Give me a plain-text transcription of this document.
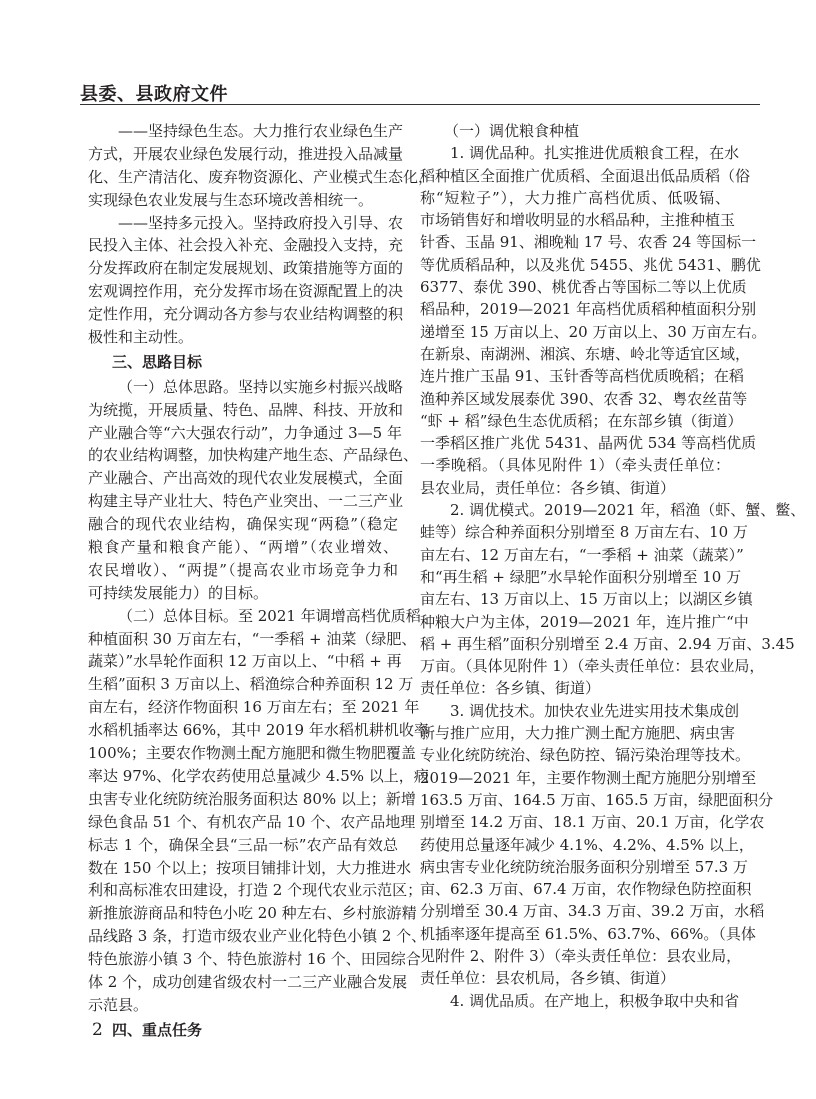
县委、县政府文件
——坚持绿色生态。大力推行农业绿色生产
方式，开展农业绿色发展行动，推进投入品减量
化、生产清洁化、废弃物资源化、产业模式生态化，
实现绿色农业发展与生态环境改善相统一。
——坚持多元投入。坚持政府投入引导、农
民投入主体、社会投入补充、金融投入支持，充
分发挥政府在制定发展规划、政策措施等方面的
宏观调控作用，充分发挥市场在资源配置上的决
定性作用，充分调动各方参与农业结构调整的积
极性和主动性。
三、思路目标
（一）总体思路。坚持以实施乡村振兴战略
为统揽，开展质量、特色、品牌、科技、开放和
产业融合等“六大强农行动”，力争通过 3—5 年
的农业结构调整，加快构建产地生态、产品绿色、
产业融合、产出高效的现代农业发展模式，全面
构建主导产业壮大、特色产业突出、一二三产业
融合的现代农业结构，确保实现“两稳”（稳定
粮食产量和粮食产能）、“两增”（农业增效、
农民增收）、“两提”（提高农业市场竞争力和
可持续发展能力）的目标。
（二）总体目标。至 2021 年调增高档优质稻
种植面积 30 万亩左右，“一季稻 + 油菜（绿肥、
蔬菜）”水旱轮作面积 12 万亩以上、“中稻 + 再
生稻”面积 3 万亩以上、稻渔综合种养面积 12 万
亩左右，经济作物面积 16 万亩左右；至 2021 年
水稻机插率达 66%，其中 2019 年水稻机耕机收率
100%；主要农作物测土配方施肥和微生物肥覆盖
率达 97%、化学农药使用总量减少 4.5% 以上，病
虫害专业化统防统治服务面积达 80% 以上；新增
绿色食品 51 个、有机农产品 10 个、农产品地理
标志 1 个，确保全县“三品一标”农产品有效总
数在 150 个以上；按项目铺排计划，大力推进水
利和高标准农田建设，打造 2 个现代农业示范区；
新推旅游商品和特色小吃 20 种左右、乡村旅游精
品线路 3 条，打造市级农业产业化特色小镇 2 个、
特色旅游小镇 3 个、特色旅游村 16 个、田园综合
体 2 个，成功创建省级农村一二三产业融合发展
示范县。
四、重点任务
（一）调优粮食种植
1. 调优品种。扎实推进优质粮食工程，在水
稻种植区全面推广优质稻、全面退出低品质稻（俗
称“短粒子”），大力推广高档优质、低吸镉、
市场销售好和增收明显的水稻品种，主推种植玉
针香、玉晶 91、湘晚籼 17 号、农香 24 等国标一
等优质稻品种，以及兆优 5455、兆优 5431、鹏优
6377、泰优 390、桃优香占等国标二等以上优质
稻品种，2019—2021 年高档优质稻种植面积分别
递增至 15 万亩以上、20 万亩以上、30 万亩左右。
在新泉、南湖洲、湘滨、东塘、岭北等适宜区域，
连片推广玉晶 91、玉针香等高档优质晚稻；在稻
渔种养区域发展泰优 390、农香 32、粤农丝苗等
“虾 + 稻”绿色生态优质稻；在东部乡镇（街道）
一季稻区推广兆优 5431、晶两优 534 等高档优质
一季晚稻。（具体见附件 1）（牵头责任单位：
县农业局，责任单位：各乡镇、街道）
2. 调优模式。2019—2021 年，稻渔（虾、蟹、鳖、
蛙等）综合种养面积分别增至 8 万亩左右、10 万
亩左右、12 万亩左右，“一季稻 + 油菜（蔬菜）”
和“再生稻 + 绿肥”水旱轮作面积分别增至 10 万
亩左右、13 万亩以上、15 万亩以上；以湖区乡镇
种粮大户为主体，2019—2021 年，连片推广“中
稻 + 再生稻”面积分别增至 2.4 万亩、2.94 万亩、3.45
万亩。（具体见附件 1）（牵头责任单位：县农业局，
责任单位：各乡镇、街道）
3. 调优技术。加快农业先进实用技术集成创
新与推广应用，大力推广测土配方施肥、病虫害
专业化统防统治、绿色防控、镉污染治理等技术。
2019—2021 年，主要作物测土配方施肥分别增至
163.5 万亩、164.5 万亩、165.5 万亩，绿肥面积分
别增至 14.2 万亩、18.1 万亩、20.1 万亩，化学农
药使用总量逐年减少 4.1%、4.2%、4.5% 以上，
病虫害专业化统防统治服务面积分别增至 57.3 万
亩、62.3 万亩、67.4 万亩，农作物绿色防控面积
分别增至 30.4 万亩、34.3 万亩、39.2 万亩，水稻
机插率逐年提高至 61.5%、63.7%、66%。（具体
见附件 2、附件 3）（牵头责任单位：县农业局，
责任单位：县农机局，各乡镇、街道）
4. 调优品质。在产地上，积极争取中央和省
2
